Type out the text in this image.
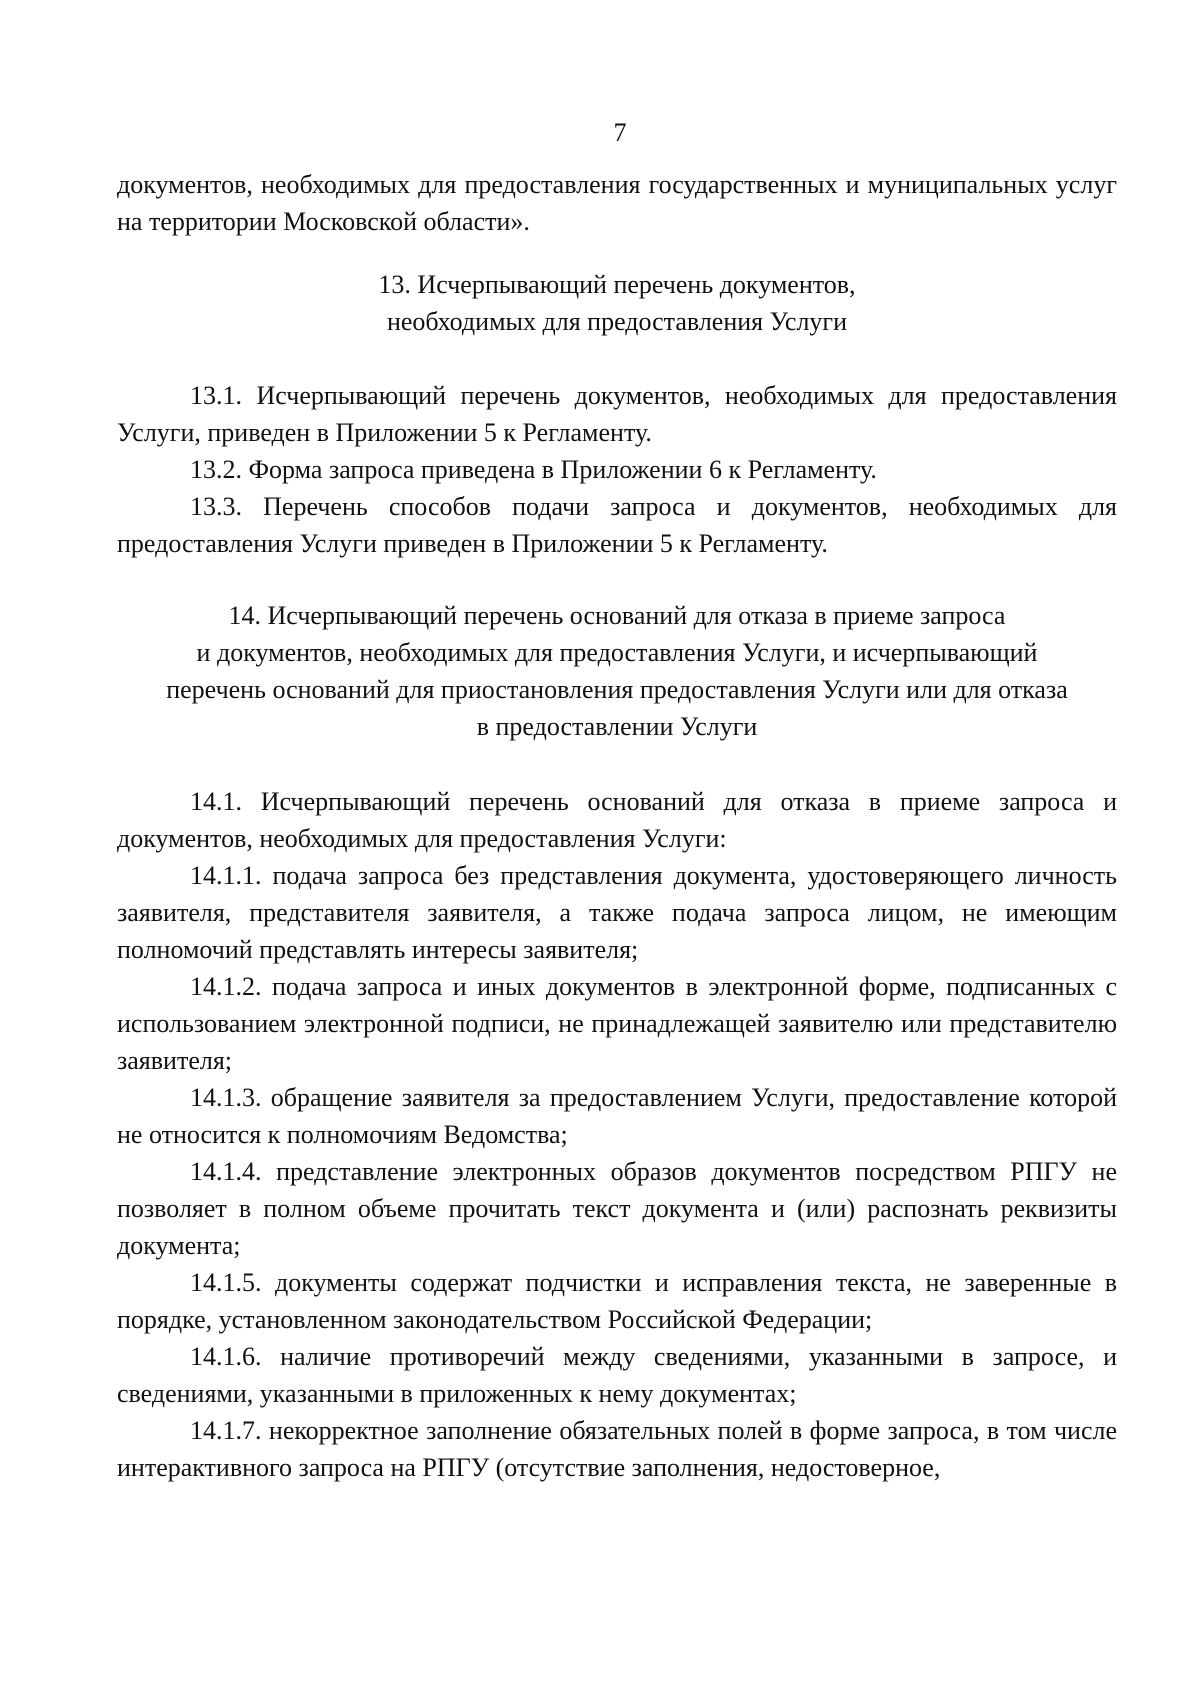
7

документов, необходимых для предоставления государственных и муниципальных услуг на территории Московской области».

13. Исчерпывающий перечень документов,
необходимых для предоставления Услуги

13.1. Исчерпывающий перечень документов, необходимых для предоставления Услуги, приведен в Приложении 5 к Регламенту.

13.2. Форма запроса приведена в Приложении 6 к Регламенту.

13.3. Перечень способов подачи запроса и документов, необходимых для предоставления Услуги приведен в Приложении 5 к Регламенту.

14. Исчерпывающий перечень оснований для отказа в приеме запроса
и документов, необходимых для предоставления Услуги, и исчерпывающий
перечень оснований для приостановления предоставления Услуги или для отказа
в предоставлении Услуги

14.1. Исчерпывающий перечень оснований для отказа в приеме запроса и документов, необходимых для предоставления Услуги:

14.1.1. подача запроса без представления документа, удостоверяющего личность заявителя, представителя заявителя, а также подача запроса лицом, не имеющим полномочий представлять интересы заявителя;

14.1.2. подача запроса и иных документов в электронной форме, подписанных с использованием электронной подписи, не принадлежащей заявителю или представителю заявителя;

14.1.3. обращение заявителя за предоставлением Услуги, предоставление которой не относится к полномочиям Ведомства;

14.1.4. представление электронных образов документов посредством РПГУ не позволяет в полном объеме прочитать текст документа и (или) распознать реквизиты документа;

14.1.5. документы содержат подчистки и исправления текста, не заверенные в порядке, установленном законодательством Российской Федерации;

14.1.6. наличие противоречий между сведениями, указанными в запросе, и сведениями, указанными в приложенных к нему документах;

14.1.7. некорректное заполнение обязательных полей в форме запроса, в том числе интерактивного запроса на РПГУ (отсутствие заполнения, недостоверное,
